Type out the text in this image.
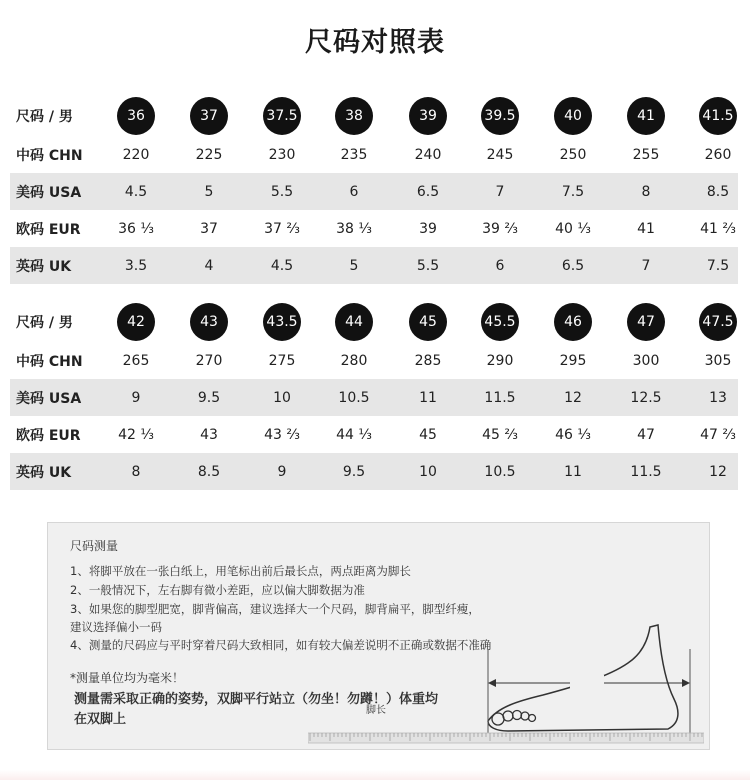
尺码对照表
尺码 / 男	36	37	37.5	38	39	39.5	40	41	41.5
中码 CHN	220	225	230	235	240	245	250	255	260
美码 USA	4.5	5	5.5	6	6.5	7	7.5	8	8.5
欧码 EUR	36 ⅓	37	37 ⅔	38 ⅓	39	39 ⅔	40 ⅓	41	41 ⅔
英码 UK	3.5	4	4.5	5	5.5	6	6.5	7	7.5
尺码 / 男	42	43	43.5	44	45	45.5	46	47	47.5
中码 CHN	265	270	275	280	285	290	295	300	305
美码 USA	9	9.5	10	10.5	11	11.5	12	12.5	13
欧码 EUR	42 ⅓	43	43 ⅔	44 ⅓	45	45 ⅔	46 ⅓	47	47 ⅔
英码 UK	8	8.5	9	9.5	10	10.5	11	11.5	12
尺码测量
1、将脚平放在一张白纸上，用笔标出前后最长点，两点距离为脚长
2、一般情况下，左右脚有微小差距，应以偏大脚数据为准
3、如果您的脚型肥宽，脚背偏高，建议选择大一个尺码，脚背扁平，脚型纤瘦，
建议选择偏小一码
4、测量的尺码应与平时穿着尺码大致相同，如有较大偏差说明不正确或数据不准确
*测量单位均为毫米！
测量需采取正确的姿势，双脚平行站立（勿坐！勿蹲！）体重均
在双脚上
脚长
